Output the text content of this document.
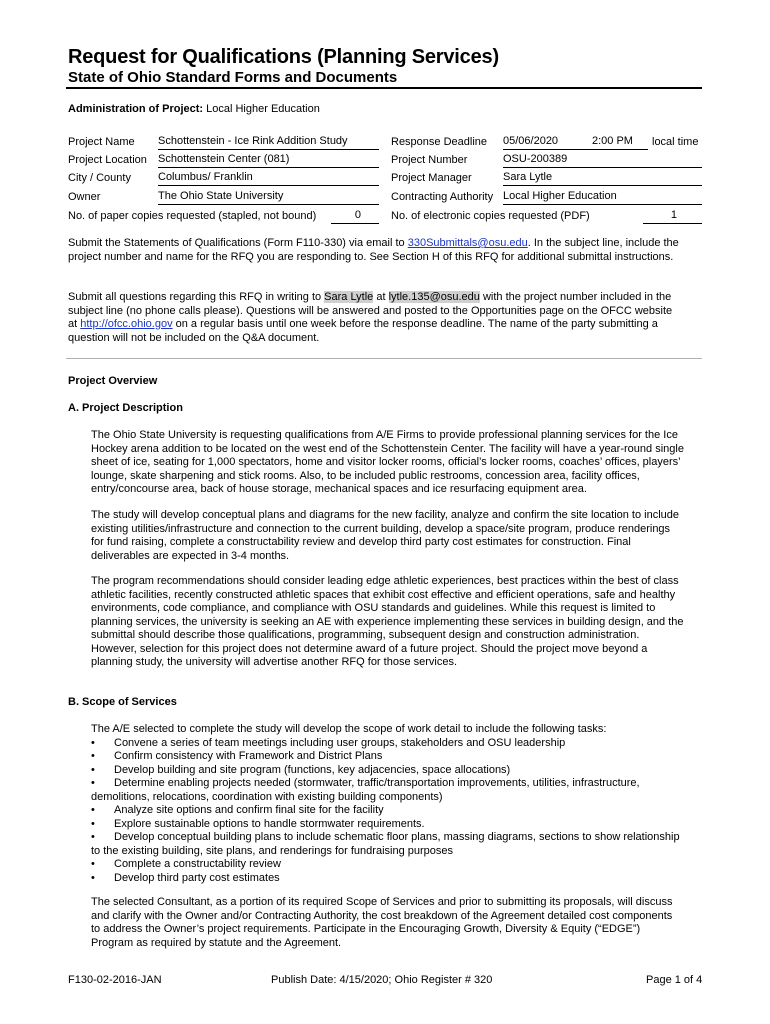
Request for Qualifications (Planning Services)
State of Ohio Standard Forms and Documents
Administration of Project: Local Higher Education
Project Name Schottenstein - Ice Rink Addition Study
Project Location Schottenstein Center (081)
City / County Columbus/ Franklin
Owner	The Ohio State University
No. of paper copies requested (stapled, not bound)	0
Response Deadline 05/06/2020	2:00 PM local time
Project Number	OSU-200389
Project Manager	Sara Lytle
Contracting Authority Local Higher Education
No. of electronic copies requested (PDF)	1
Submit the Statements of Qualifications (Form F110-330) via email to 330Submittals@osu.edu. In the subject line, include the
project number and name for the RFQ you are responding to. See Section H of this RFQ for additional submittal instructions.
Submit all questions regarding this RFQ in writing to Sara Lytle at lytle.135@osu.edu with the project number included in the
subject line (no phone calls please). Questions will be answered and posted to the Opportunities page on the OFCC website
at http://ofcc.ohio.gov on a regular basis until one week before the response deadline. The name of the party submitting a
question will not be included on the Q&A document.
Project Overview
A. Project Description
The Ohio State University is requesting qualifications from A/E Firms to provide professional planning services for the Ice
Hockey arena addition to be located on the west end of the Schottenstein Center. The facility will have a year-round single
sheet of ice, seating for 1,000 spectators, home and visitor locker rooms, official’s locker rooms, coaches’ offices, players’
lounge, skate sharpening and stick rooms. Also, to be included public restrooms, concession area, facility offices,
entry/concourse area, back of house storage, mechanical spaces and ice resurfacing equipment area.
The study will develop conceptual plans and diagrams for the new facility, analyze and confirm the site location to include
existing utilities/infrastructure and connection to the current building, develop a space/site program, produce renderings
for fund raising, complete a constructability review and develop third party cost estimates for construction. Final
deliverables are expected in 3-4 months.
The program recommendations should consider leading edge athletic experiences, best practices within the best of class
athletic facilities, recently constructed athletic spaces that exhibit cost effective and efficient operations, safe and healthy
environments, code compliance, and compliance with OSU standards and guidelines. While this request is limited to
planning services, the university is seeking an AE with experience implementing these services in building design, and the
submittal should describe those qualifications, programming, subsequent design and construction administration.
However, selection for this project does not determine award of a future project. Should the project move beyond a
planning study, the university will advertise another RFQ for those services.
B. Scope of Services
The A/E selected to complete the study will develop the scope of work detail to include the following tasks:
• Convene a series of team meetings including user groups, stakeholders and OSU leadership
• Confirm consistency with Framework and District Plans
• Develop building and site program (functions, key adjacencies, space allocations)
• Determine enabling projects needed (stormwater, traffic/transportation improvements, utilities, infrastructure,
demolitions, relocations, coordination with existing building components)
• Analyze site options and confirm final site for the facility
• Explore sustainable options to handle stormwater requirements.
• Develop conceptual building plans to include schematic floor plans, massing diagrams, sections to show relationship
to the existing building, site plans, and renderings for fundraising purposes
• Complete a constructability review
• Develop third party cost estimates
The selected Consultant, as a portion of its required Scope of Services and prior to submitting its proposals, will discuss
and clarify with the Owner and/or Contracting Authority, the cost breakdown of the Agreement detailed cost components
to address the Owner’s project requirements. Participate in the Encouraging Growth, Diversity & Equity (“EDGE”)
Program as required by statute and the Agreement.
F130-02-2016-JAN	Publish Date: 4/15/2020; Ohio Register # 320	Page 1 of 4
